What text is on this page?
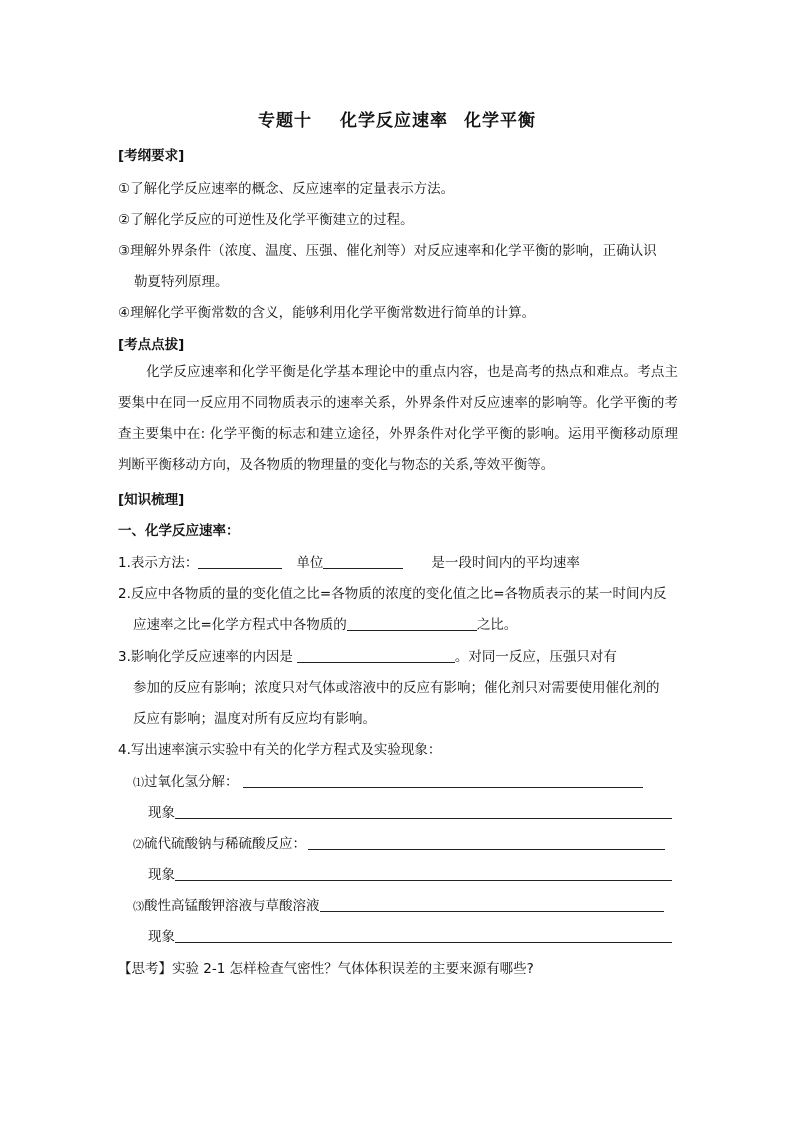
专题十 化学反应速率 化学平衡
[考纲要求]
①了解化学反应速率的概念、反应速率的定量表示方法。
②了解化学反应的可逆性及化学平衡建立的过程。
③理解外界条件（浓度、温度、压强、催化剂等）对反应速率和化学平衡的影响，正确认识
勒夏特列原理。
④理解化学平衡常数的含义，能够利用化学平衡常数进行简单的计算。
[考点点拔]
化学反应速率和化学平衡是化学基本理论中的重点内容，也是高考的热点和难点。考点主要集中在同一反应用不同物质表示的速率关系，外界条件对反应速率的影响等。化学平衡的考查主要集中在: 化学平衡的标志和建立途径，外界条件对化学平衡的影响。运用平衡移动原理判断平衡移动方向，及各物质的物理量的变化与物态的关系,等效平衡等。
[知识梳理]
一、化学反应速率：
1.表示方法：	单位	是一段时间内的平均速率
2.反应中各物质的量的变化值之比=各物质的浓度的变化值之比=各物质表示的某一时间内反
应速率之比=化学方程式中各物质的	之比。
3.影响化学反应速率的内因是	。对同一反应，压强只对有
参加的反应有影响；浓度只对气体或溶液中的反应有影响；催化剂只对需要使用催化剂的
反应有影响；温度对所有反应均有影响。
4.写出速率演示实验中有关的化学方程式及实验现象：
⑴过氧化氢分解：
现象
⑵硫代硫酸钠与稀硫酸反应：
现象
⑶酸性高锰酸钾溶液与草酸溶液
现象
【思考】实验 2-1 怎样检查气密性？气体体积误差的主要来源有哪些?
